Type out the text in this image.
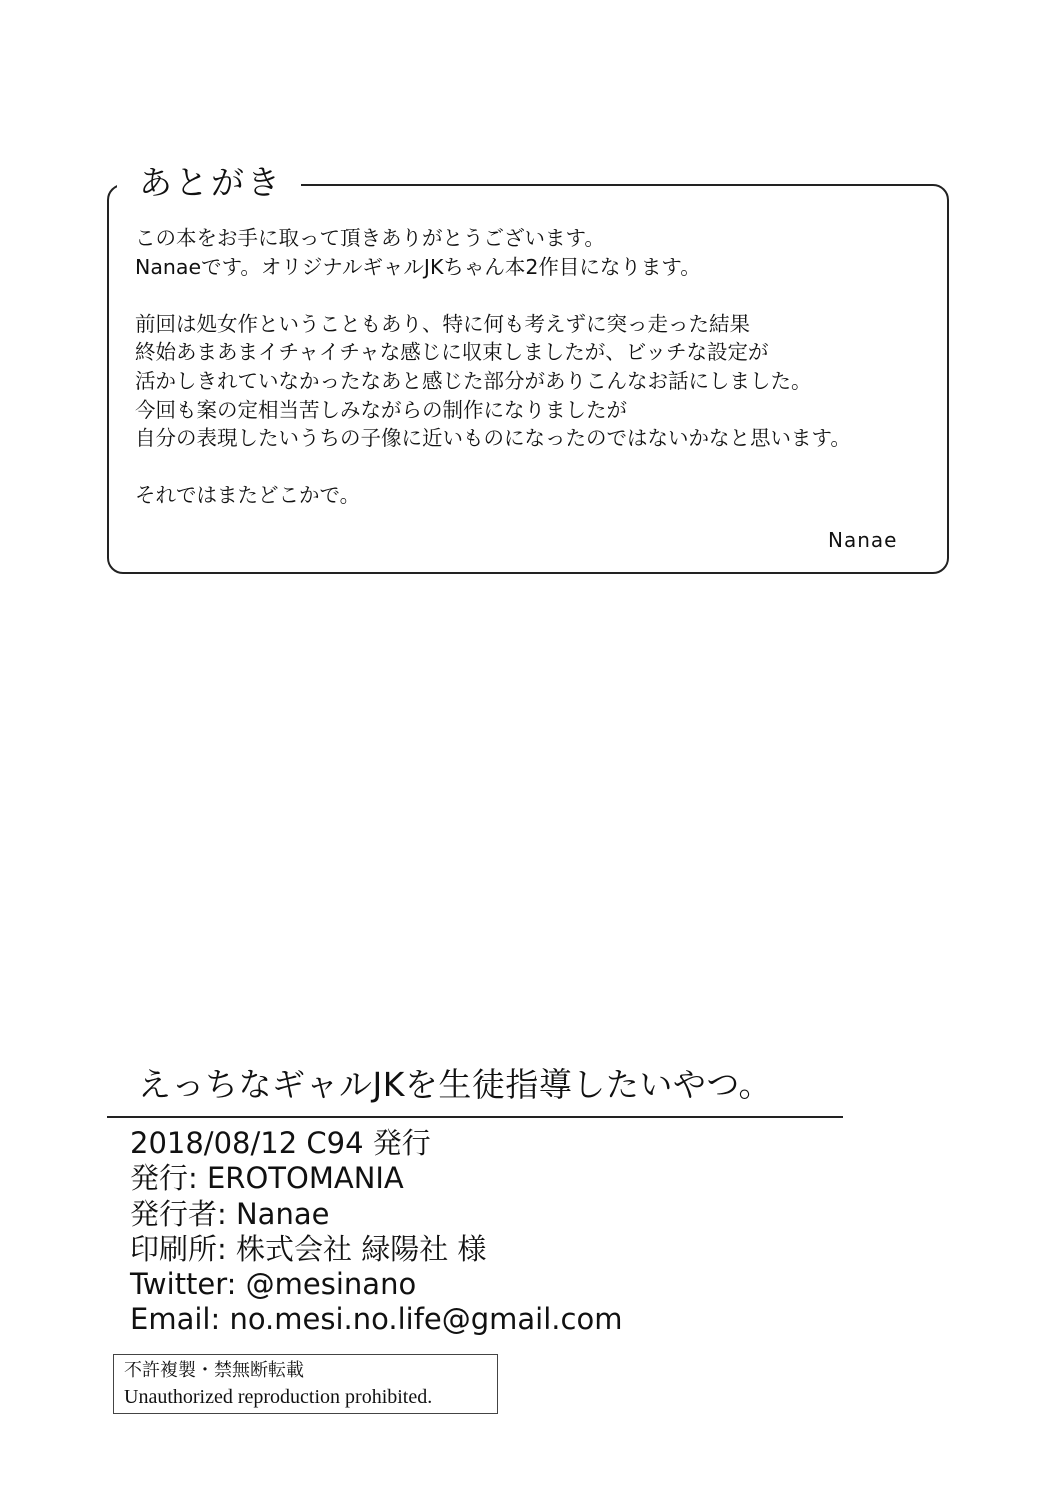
あとがき
この本をお手に取って頂きありがとうございます。
Nanaeです。オリジナルギャルJKちゃん本2作目になります。
前回は処女作ということもあり、特に何も考えずに突っ走った結果
終始あまあまイチャイチャな感じに収束しましたが、ビッチな設定が
活かしきれていなかったなあと感じた部分がありこんなお話にしました。
今回も案の定相当苦しみながらの制作になりましたが
自分の表現したいうちの子像に近いものになったのではないかなと思います。
それではまたどこかで。
Nanae
えっちなギャルJKを生徒指導したいやつ。
2018/08/12 C94 発行
発行: EROTOMANIA
発行者: Nanae
印刷所: 株式会社 緑陽社 様
Twitter: @mesinano
Email: no.mesi.no.life@gmail.com
不許複製・禁無断転載
Unauthorized reproduction prohibited.
